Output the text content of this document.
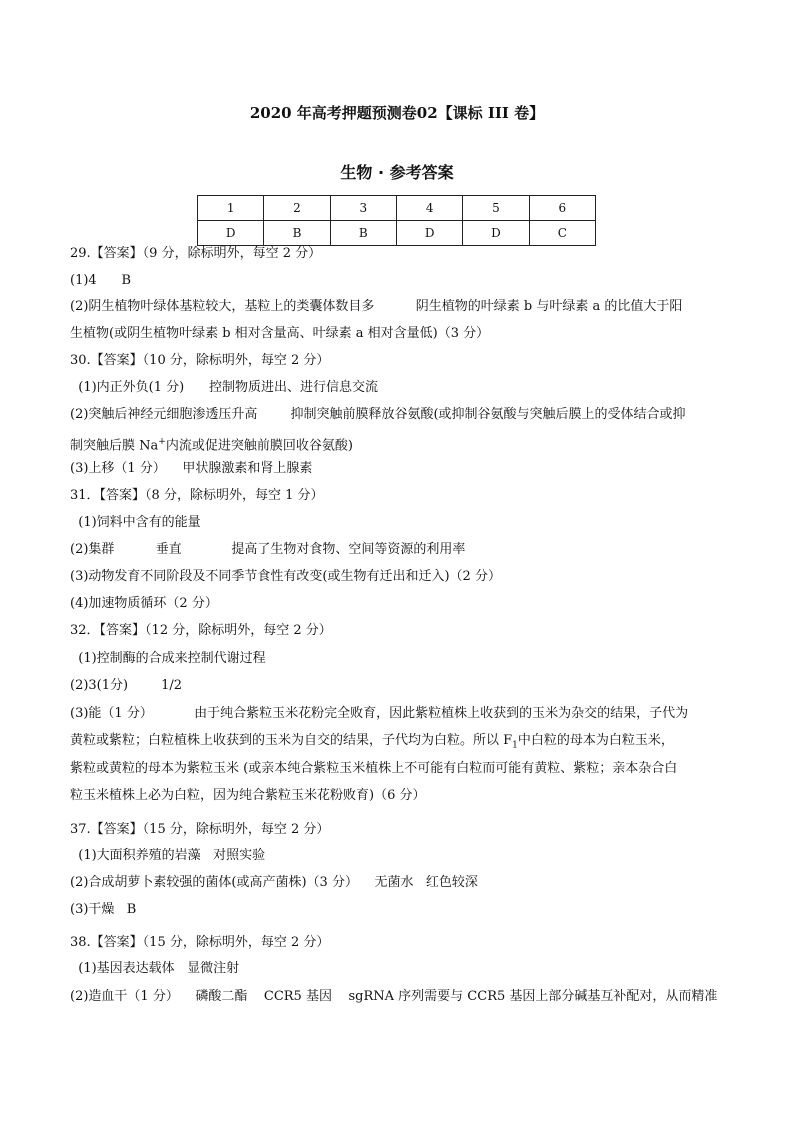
2020 年高考押题预测卷02【课标 III 卷】
生物 · 参考答案
1	2	3	4	5	6
D	B	B	D	D	C
29.【答案】（9 分，除标明外，每空 2 分）
(1)4      B
(2)阴生植物叶绿体基粒较大，基粒上的类囊体数目多          阴生植物的叶绿素 b 与叶绿素 a 的比值大于阳
生植物(或阴生植物叶绿素 b 相对含量高、叶绿素 a 相对含量低)（3 分）
30.【答案】（10 分，除标明外，每空 2 分）
(1)内正外负(1 分)      控制物质进出、进行信息交流
(2)突触后神经元细胞渗透压升高        抑制突触前膜释放谷氨酸(或抑制谷氨酸与突触后膜上的受体结合或抑
制突触后膜 Na+内流或促进突触前膜回收谷氨酸)
(3)上移（1 分）    甲状腺激素和肾上腺素
31．【答案】（8 分，除标明外，每空 1 分）
(1)饲料中含有的能量
(2)集群          垂直            提高了生物对食物、空间等资源的利用率
(3)动物发育不同阶段及不同季节食性有改变(或生物有迁出和迁入)（2 分）
(4)加速物质循环（2 分）
32．【答案】（12 分，除标明外，每空 2 分）
(1)控制酶的合成来控制代谢过程
(2)3(1分)        1/2
(3)能（1 分）          由于纯合紫粒玉米花粉完全败育，因此紫粒植株上收获到的玉米为杂交的结果，子代为
黄粒或紫粒；白粒植株上收获到的玉米为自交的结果，子代均为白粒。所以 $F_1$中白粒的母本为白粒玉米，
紫粒或黄粒的母本为紫粒玉米 (或亲本纯合紫粒玉米植株上不可能有白粒而可能有黄粒、紫粒；亲本杂合白
粒玉米植株上必为白粒，因为纯合紫粒玉米花粉败育)（6 分）
37.【答案】（15 分，除标明外，每空 2 分）
(1)大面积养殖的岩藻   对照实验
(2)合成胡萝卜素较强的菌体(或高产菌株)（3 分）    无菌水   红色较深
(3)干燥   B
38.【答案】（15 分，除标明外，每空 2 分）
(1)基因表达载体   显微注射
(2)造血干（1 分）    磷酸二酯    CCR5 基因    sgRNA 序列需要与 CCR5 基因上部分碱基互补配对，从而精准
